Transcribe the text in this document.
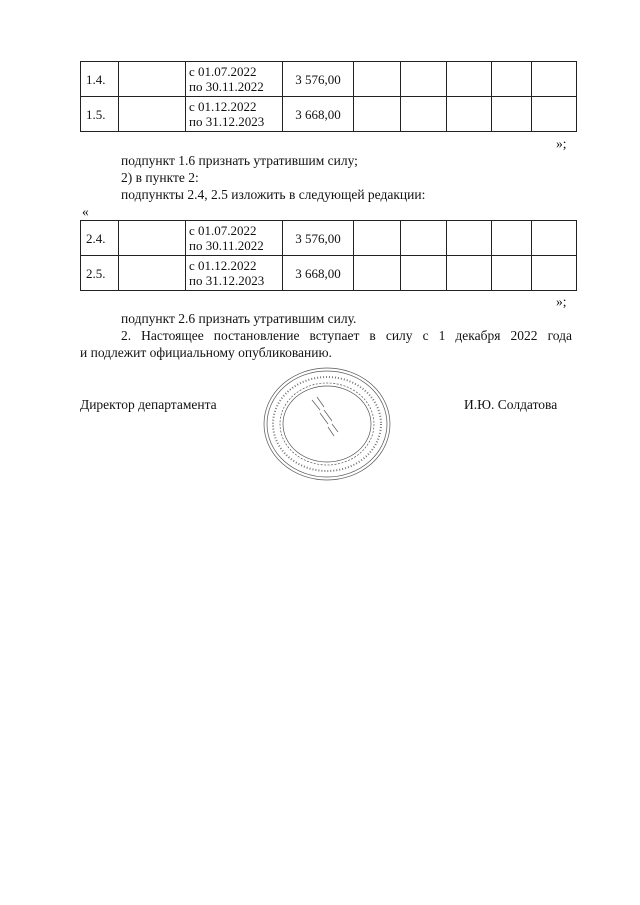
1.4.		с 01.07.2022
по 30.11.2022	3 576,00					
1.5.		с 01.12.2022
по 31.12.2023	3 668,00					
»;
подпункт 1.6 признать утратившим силу;
2) в пункте 2:
подпункты 2.4, 2.5 изложить в следующей редакции:
«
2.4.		с 01.07.2022
по 30.11.2022	3 576,00					
2.5.		с 01.12.2022
по 31.12.2023	3 668,00					
»;
подпункт 2.6 признать утратившим силу.
2. Настоящее постановление вступает в силу с 1 декабря 2022 года
и подлежит официальному опубликованию.
Директор департамента	И.Ю. Солдатова
